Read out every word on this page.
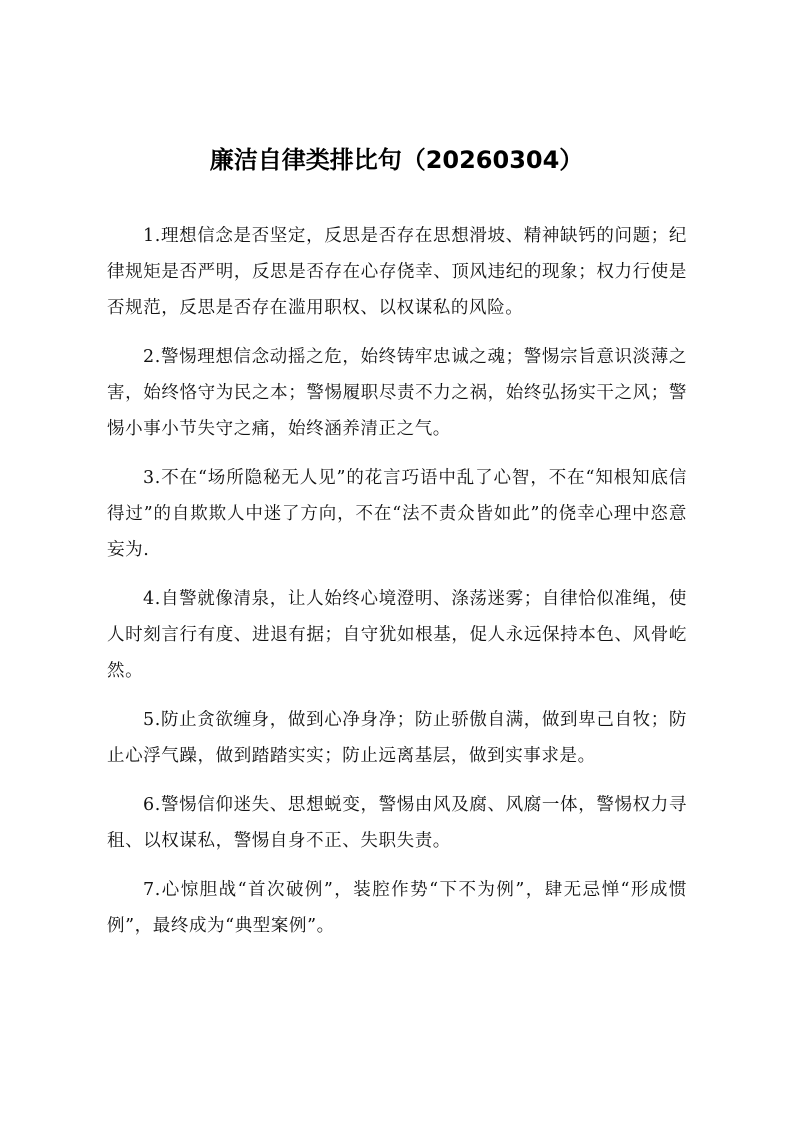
廉洁自律类排比句（20260304）

1.理想信念是否坚定，反思是否存在思想滑坡、精神缺钙的问题；纪律规矩是否严明，反思是否存在心存侥幸、顶风违纪的现象；权力行使是否规范，反思是否存在滥用职权、以权谋私的风险。

2.警惕理想信念动摇之危，始终铸牢忠诚之魂；警惕宗旨意识淡薄之害，始终恪守为民之本；警惕履职尽责不力之祸，始终弘扬实干之风；警惕小事小节失守之痛，始终涵养清正之气。

3.不在“场所隐秘无人见”的花言巧语中乱了心智，不在“知根知底信得过”的自欺欺人中迷了方向，不在“法不责众皆如此”的侥幸心理中恣意妄为.

4.自警就像清泉，让人始终心境澄明、涤荡迷雾；自律恰似准绳，使人时刻言行有度、进退有据；自守犹如根基，促人永远保持本色、风骨屹然。

5.防止贪欲缠身，做到心净身净；防止骄傲自满，做到卑己自牧；防止心浮气躁，做到踏踏实实；防止远离基层，做到实事求是。

6.警惕信仰迷失、思想蜕变，警惕由风及腐、风腐一体，警惕权力寻租、以权谋私，警惕自身不正、失职失责。

7.心惊胆战“首次破例”，装腔作势“下不为例”，肆无忌惮“形成惯例”，最终成为“典型案例”。
